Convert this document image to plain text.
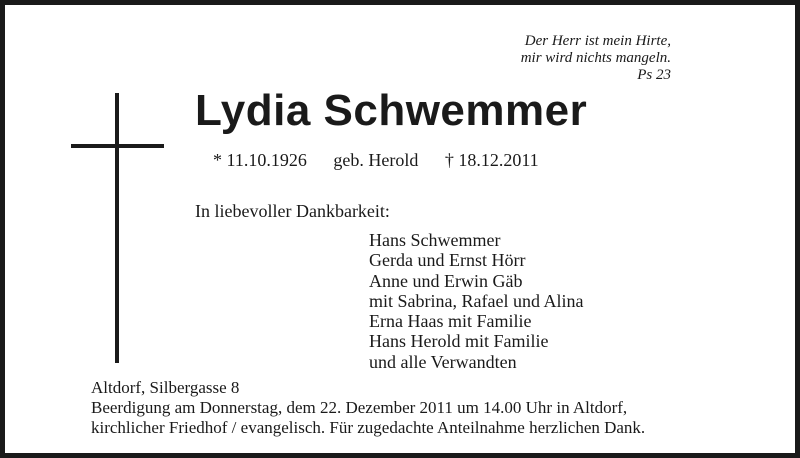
Der Herr ist mein Hirte,
mir wird nichts mangeln.
Ps 23
Lydia Schwemmer
* 11.10.1926 geb. Herold † 18.12.2011
In liebevoller Dankbarkeit:
Hans Schwemmer
Gerda und Ernst Hörr
Anne und Erwin Gäb
mit Sabrina, Rafael und Alina
Erna Haas mit Familie
Hans Herold mit Familie
und alle Verwandten
Altdorf, Silbergasse 8
Beerdigung am Donnerstag, dem 22. Dezember 2011 um 14.00 Uhr in Altdorf,
kirchlicher Friedhof / evangelisch. Für zugedachte Anteilnahme herzlichen Dank.
